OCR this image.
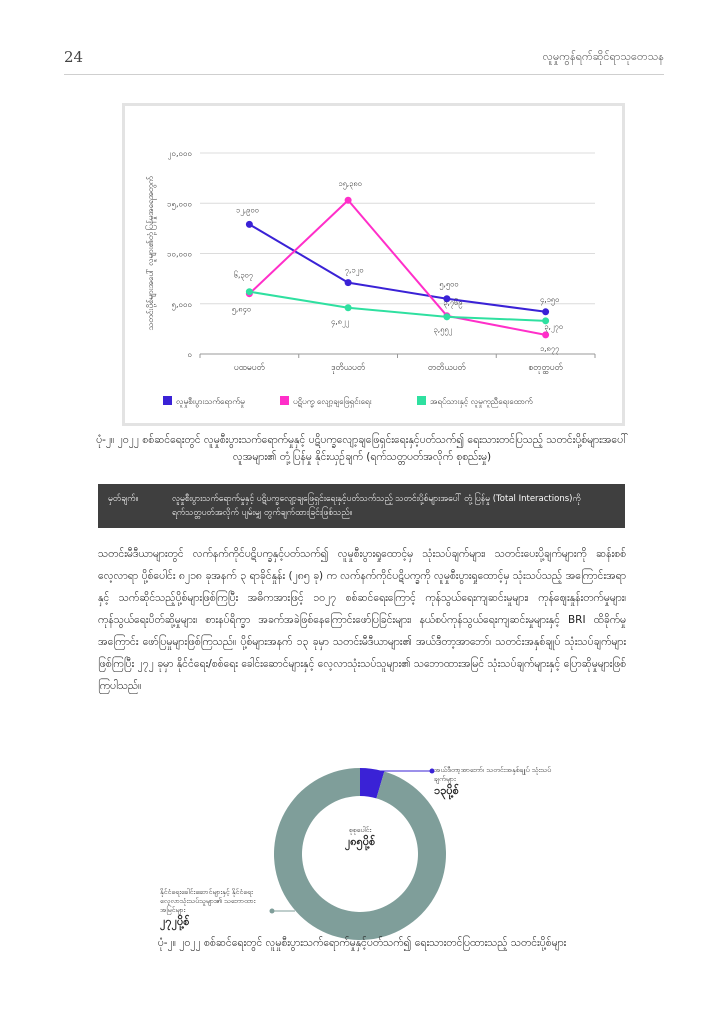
24	လူမှုကွန်ရက်ဆိုင်ရာသုတေသန
၀
၅,၀၀၀
၁၀,၀၀၀
၁၅,၀၀၀
၂၀,၀၀၀
ပထမပတ်	ဒုတိယပတ်	တတိယပတ်	စတုတ္ထပတ်
သတင်းပို့စ်များအပေါ် လူများ၏တုံ့ပြန်မှုအရေအတွက်	၁၂,၉၀၀
၇,၁၂၀
၅,၅၀၀
၄,၁၅၀
၅,၈၄၀
၁၅,၃၈၀
၃,၅၅၂
၁,၈၇၇
၆,၃၀၇
၄,၈၂၂
၃,၇၆၉
၃,၂၇၀
လူမှုစီးပွားသက်ရောက်မှု	ပဋိပက္ခ လျော့ချဖြေရှင်းရေး	အရပ်သားနှင့် လူမှုကူညီရေးထောက်
ပုံ-၂။ ၂၀၂၂ စစ်ဆင်ရေးတွင် လူမှုစီးပွားသက်ရောက်မှုနှင့် ပဋိပက္ခလျော့ချဖြေရှင်းရေးနှင့်ပတ်သက်၍ ရေးသားတင်ပြသည့် သတင်းပို့စ်များအပေါ် လူအများ၏ တုံ့ပြန်မှု နိုင်းယှဉ်ချက် (ရက်သတ္တပတ်အလိုက် စုစည်းမှု)
မှတ်ချက်။	လူမှုစီးပွားသက်ရောက်မှုနှင့် ပဋိပက္ခလျော့ချဖြေရှင်းရေးနှင့်ပတ်သက်သည့် သတင်းပို့စ်များအပေါ် တုံ့ပြန်မှု (Total Interactions)ကို ရက်သတ္တပတ်အလိုက် ပျမ်းမျှ တွက်ချက်ထားခြင်းဖြစ်သည်။
သတင်းမီဒီယာများတွင် လက်နက်ကိုင်ပဋိပက္ခနှင့်ပတ်သက်၍ လူမှုစီးပွားရှုထောင့်မှ သုံးသပ်ချက်များ၊ သတင်းပေးပို့ချက်များကို ဆန်းစစ်လေ့လာရာ ပို့စ်ပေါင်း ၈၂၁၈ ခုအနက် ၃ ရာခိုင်နှုန်း (၂၈၅ ခု) က လက်နက်ကိုင်ပဋိပက္ခကို လူမှုစီးပွားရှုထောင့်မှ သုံးသပ်သည့် အကြောင်းအရာနှင့် သက်ဆိုင်သည့်ပို့စ်များဖြစ်ကြပြီး အဓိကအားဖြင့် ၁၀၂၇ စစ်ဆင်ရေးကြောင့် ကုန်သွယ်ရေးကျဆင်းမှုများ၊ ကုန်ဈေးနှုန်းတက်မှုများ၊ ကုန်သွယ်ရေးပိတ်ဆို့မှုများ၊ စားနပ်ရိက္ခာ အခက်အခဲဖြစ်နေကြောင်းဖော်ပြခြင်းများ၊ နယ်စပ်ကုန်သွယ်ရေးကျဆင်းမှုများနှင့် BRI ထိခိုက်မှုအကြောင်း ဖော်ပြမှုများဖြစ်ကြသည်။ ပို့စ်များအနက် ၁၃ ခုမှာ သတင်းမီဒီယာများ၏ အယ်ဒီတာ့အာဘော်၊ သတင်းအနှစ်ချုပ် သုံးသပ်ချက်များဖြစ်ကြပြီး ၂၇၂ ခုမှာ နိုင်ငံရေး/စစ်ရေး ခေါင်းဆောင်များနှင့် လေ့လာသုံးသပ်သူများ၏ သဘောထားအမြင် သုံးသပ်ချက်များနှင့် ပြောဆိုမှုများဖြစ်ကြပါသည်။
စုစုပေါင်း
၂၈၅ပို့စ်
အယ်ဒီတာ့အာဘော်၊ သတင်းအနှစ်ချုပ် သုံးသပ်ချက်များ
၁၃ပို့စ်
နိုင်ငံရေးခေါင်းဆောင်များနှင့် နိုင်ငံရေးလေ့လာသုံးသပ်သူများ၏ သဘောထားအမြင်များ
၂၇၂ပို့စ်
ပုံ-၂။ ၂၀၂၂ စစ်ဆင်ရေးတွင် လူမှုစီးပွားသက်ရောက်မှုနှင့်ပတ်သက်၍ ရေးသားတင်ပြထားသည့် သတင်းပို့စ်များ
